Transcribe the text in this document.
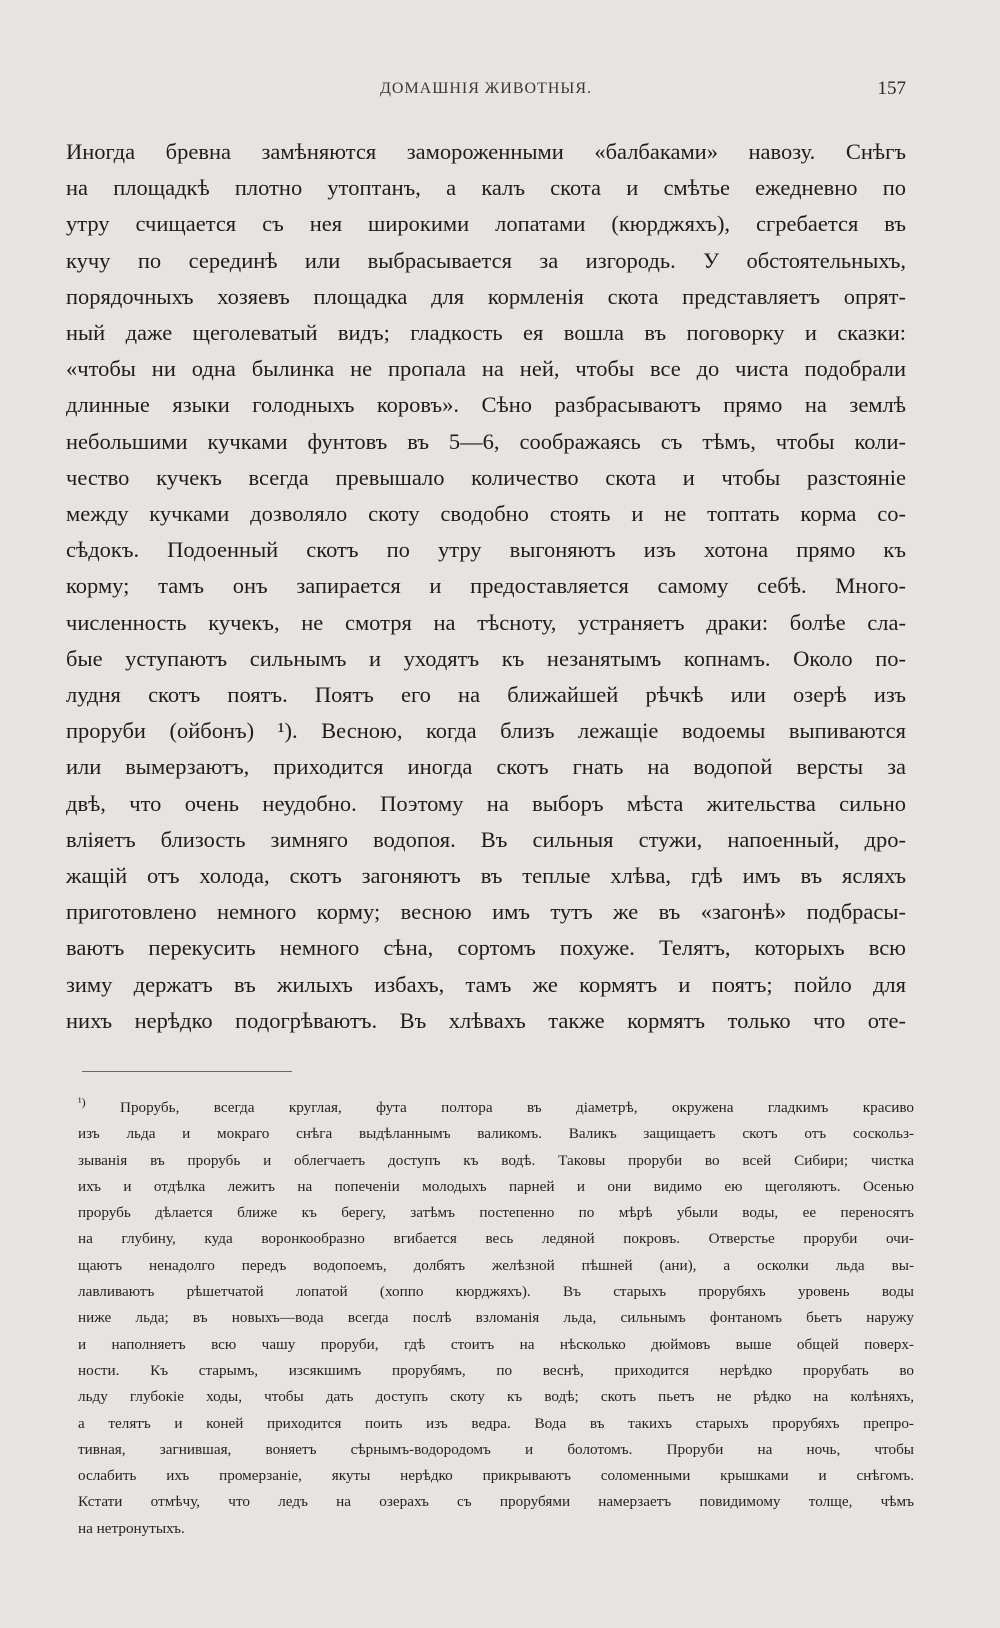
ДОМАШНІЯ ЖИВОТНЫЯ.	157
Иногда бревна замѣняются замороженными «балбаками» навозу. Снѣгъ
на площадкѣ плотно утоптанъ, а калъ скота и смѣтье ежедневно по
утру счищается съ нея широкими лопатами (кюрджяхъ), сгребается въ
кучу по серединѣ или выбрасывается за изгородь. У обстоятельныхъ,
порядочныхъ хозяевъ площадка для кормленія скота представляетъ опрят-
ный даже щеголеватый видъ; гладкость ея вошла въ поговорку и сказки:
«чтобы ни одна былинка не пропала на ней, чтобы все до чиста подобрали
длинные языки голодныхъ коровъ». Сѣно разбрасываютъ прямо на землѣ
небольшими кучками фунтовъ въ 5—6, соображаясь съ тѣмъ, чтобы коли-
чество кучекъ всегда превышало количество скота и чтобы разстояніе
между кучками дозволяло скоту сводобно стоять и не топтать корма со-
сѣдокъ. Подоенный скотъ по утру выгоняютъ изъ хотона прямо къ
корму; тамъ онъ запирается и предоставляется самому себѣ. Много-
численность кучекъ, не смотря на тѣсноту, устраняетъ драки: болѣе сла-
бые уступаютъ сильнымъ и уходятъ къ незанятымъ копнамъ. Около по-
лудня скотъ поятъ. Поятъ его на ближайшей рѣчкѣ или озерѣ изъ
проруби (ойбонъ) ¹). Весною, когда близъ лежащіе водоемы выпиваются
или вымерзаютъ, приходится иногда скотъ гнать на водопой версты за
двѣ, что очень неудобно. Поэтому на выборъ мѣста жительства сильно
вліяетъ близость зимняго водопоя. Въ сильныя стужи, напоенный, дро-
жащій отъ холода, скотъ загоняютъ въ теплые хлѣва, гдѣ имъ въ ясляхъ
приготовлено немного корму; весною имъ тутъ же въ «загонѣ» подбрасы-
ваютъ перекусить немного сѣна, сортомъ похуже. Телятъ, которыхъ всю
зиму держатъ въ жилыхъ избахъ, тамъ же кормятъ и поятъ; пойло для
нихъ нерѣдко подогрѣваютъ. Въ хлѣвахъ также кормятъ только что оте-
$^{^1)}$ Прорубь, всегда круглая, фута полтора въ діаметрѣ, окружена гладкимъ красиво
изъ льда и мокраго снѣга выдѣланнымъ валикомъ. Валикъ защищаетъ скотъ отъ соскольз-
зыванія въ прорубь и облегчаетъ доступъ къ водѣ. Таковы проруби во всей Сибири; чистка
ихъ и отдѣлка лежитъ на попеченіи молодыхъ парней и они видимо ею щеголяютъ. Осенью
прорубь дѣлается ближе къ берегу, затѣмъ постепенно по мѣрѣ убыли воды, ее переносятъ
на глубину, куда воронкообразно вгибается весь ледяной покровъ. Отверстье проруби очи-
щаютъ ненадолго передъ водопоемъ, долбятъ желѣзной пѣшней (ани), а осколки льда вы-
лавливаютъ рѣшетчатой лопатой (хоппо кюрджяхъ). Въ старыхъ прорубяхъ уровень воды
ниже льда; въ новыхъ—вода всегда послѣ взломанія льда, сильнымъ фонтаномъ бьетъ наружу
и наполняетъ всю чашу проруби, гдѣ стоитъ на нѣсколько дюймовъ выше общей поверх-
ности. Къ старымъ, изсякшимъ прорубямъ, по веснѣ, приходится нерѣдко прорубать во
льду глубокіе ходы, чтобы дать доступъ скоту къ водѣ; скотъ пьетъ не рѣдко на колѣняхъ,
а телятъ и коней приходится поить изъ ведра. Вода въ такихъ старыхъ прорубяхъ препро-
тивная, загнившая, воняетъ сѣрнымъ-водородомъ и болотомъ. Проруби на ночь, чтобы
ослабить ихъ промерзаніе, якуты нерѣдко прикрываютъ соломенными крышками и снѣгомъ.
Кстати отмѣчу, что ледъ на озерахъ съ прорубями намерзаетъ повидимому толще, чѣмъ
на нетронутыхъ.
